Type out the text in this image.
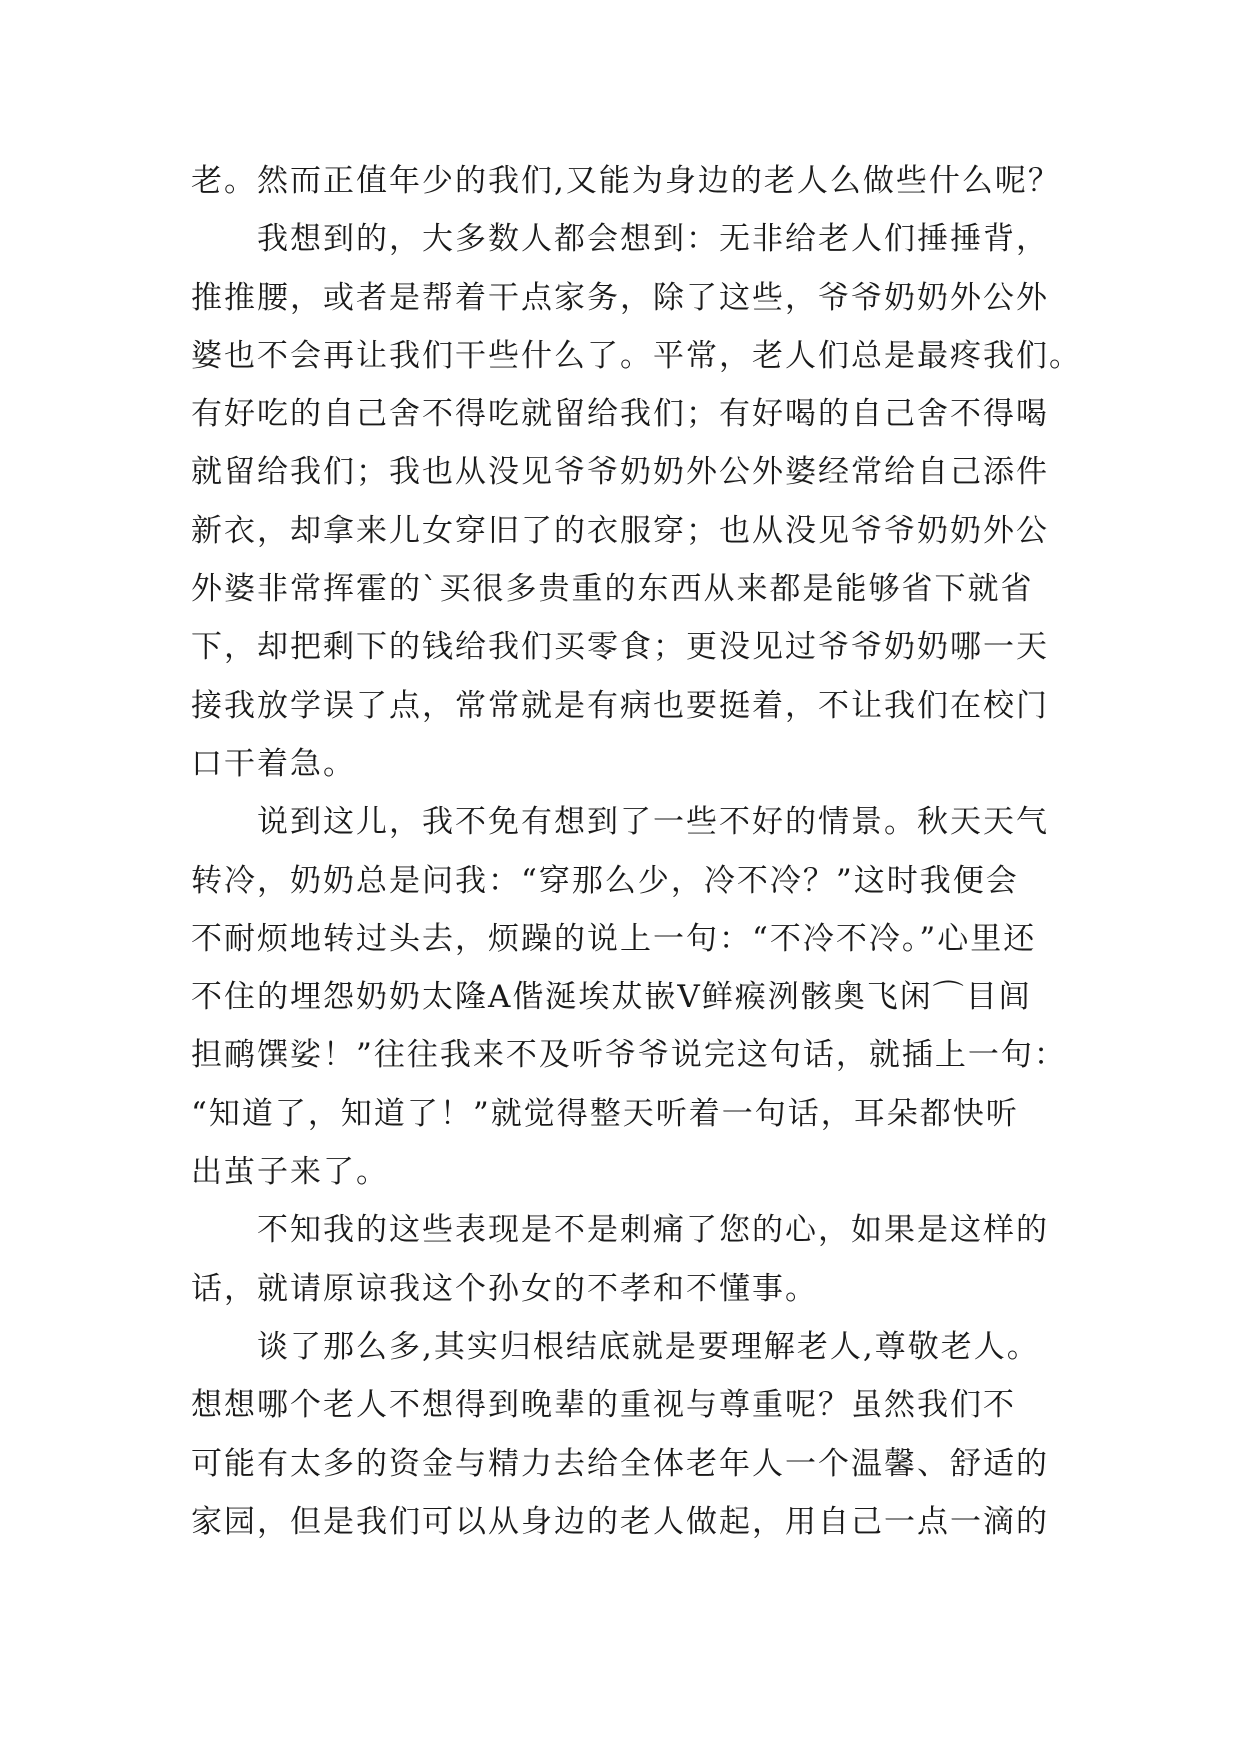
老。然而正值年少的我们,又能为身边的老人么做些什么呢？
我想到的，大多数人都会想到：无非给老人们捶捶背，
推推腰，或者是帮着干点家务，除了这些，爷爷奶奶外公外
婆也不会再让我们干些什么了。平常，老人们总是最疼我们。
有好吃的自己舍不得吃就留给我们；有好喝的自己舍不得喝
就留给我们；我也从没见爷爷奶奶外公外婆经常给自己添件
新衣，却拿来儿女穿旧了的衣服穿；也从没见爷爷奶奶外公
外婆非常挥霍的`买很多贵重的东西从来都是能够省下就省
下，却把剩下的钱给我们买零食；更没见过爷爷奶奶哪一天
接我放学误了点，常常就是有病也要挺着，不让我们在校门
口干着急。
说到这儿，我不免有想到了一些不好的情景。秋天天气
转冷，奶奶总是问我：“穿那么少，冷不冷？”这时我便会
不耐烦地转过头去，烦躁的说上一句：“不冷不冷。”心里还
不住的埋怨奶奶太隆A偕涎埃苁嵌V鲜瘊洌骸奥飞闲⌒目闾
担鸸馔娑！”往往我来不及听爷爷说完这句话，就插上一句：
“知道了，知道了！”就觉得整天听着一句话，耳朵都快听
出茧子来了。
不知我的这些表现是不是刺痛了您的心，如果是这样的
话，就请原谅我这个孙女的不孝和不懂事。
谈了那么多,其实归根结底就是要理解老人,尊敬老人。
想想哪个老人不想得到晚辈的重视与尊重呢？虽然我们不
可能有太多的资金与精力去给全体老年人一个温馨、舒适的
家园，但是我们可以从身边的老人做起，用自己一点一滴的
